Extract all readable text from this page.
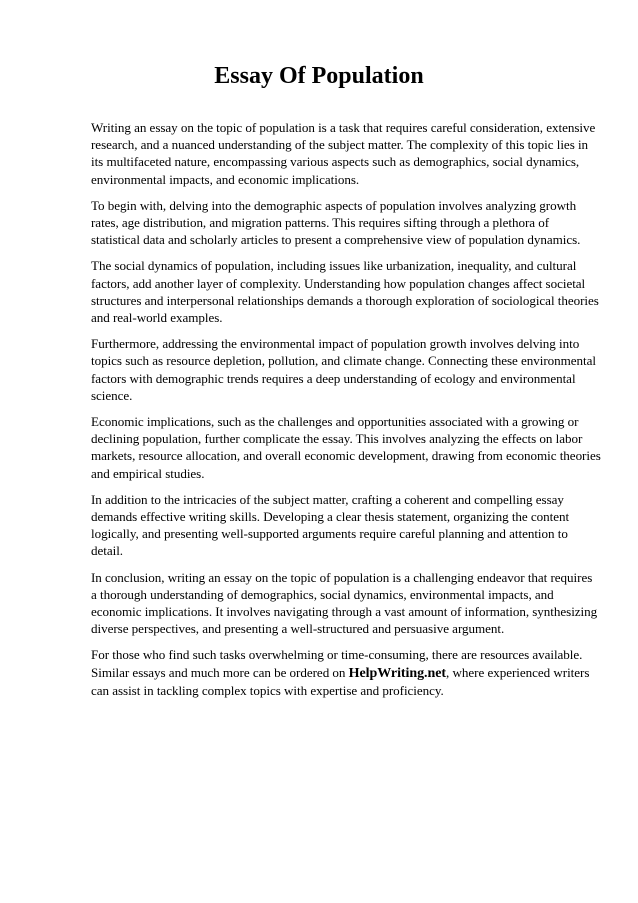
Essay Of Population

Writing an essay on the topic of population is a task that requires careful consideration, extensive research, and a nuanced understanding of the subject matter. The complexity of this topic lies in its multifaceted nature, encompassing various aspects such as demographics, social dynamics, environmental impacts, and economic implications.

To begin with, delving into the demographic aspects of population involves analyzing growth rates, age distribution, and migration patterns. This requires sifting through a plethora of statistical data and scholarly articles to present a comprehensive view of population dynamics.

The social dynamics of population, including issues like urbanization, inequality, and cultural factors, add another layer of complexity. Understanding how population changes affect societal structures and interpersonal relationships demands a thorough exploration of sociological theories and real-world examples.

Furthermore, addressing the environmental impact of population growth involves delving into topics such as resource depletion, pollution, and climate change. Connecting these environmental factors with demographic trends requires a deep understanding of ecology and environmental science.

Economic implications, such as the challenges and opportunities associated with a growing or declining population, further complicate the essay. This involves analyzing the effects on labor markets, resource allocation, and overall economic development, drawing from economic theories and empirical studies.

In addition to the intricacies of the subject matter, crafting a coherent and compelling essay demands effective writing skills. Developing a clear thesis statement, organizing the content logically, and presenting well-supported arguments require careful planning and attention to detail.

In conclusion, writing an essay on the topic of population is a challenging endeavor that requires a thorough understanding of demographics, social dynamics, environmental impacts, and economic implications. It involves navigating through a vast amount of information, synthesizing diverse perspectives, and presenting a well-structured and persuasive argument.

For those who find such tasks overwhelming or time-consuming, there are resources available. Similar essays and much more can be ordered on HelpWriting.net, where experienced writers can assist in tackling complex topics with expertise and proficiency.
